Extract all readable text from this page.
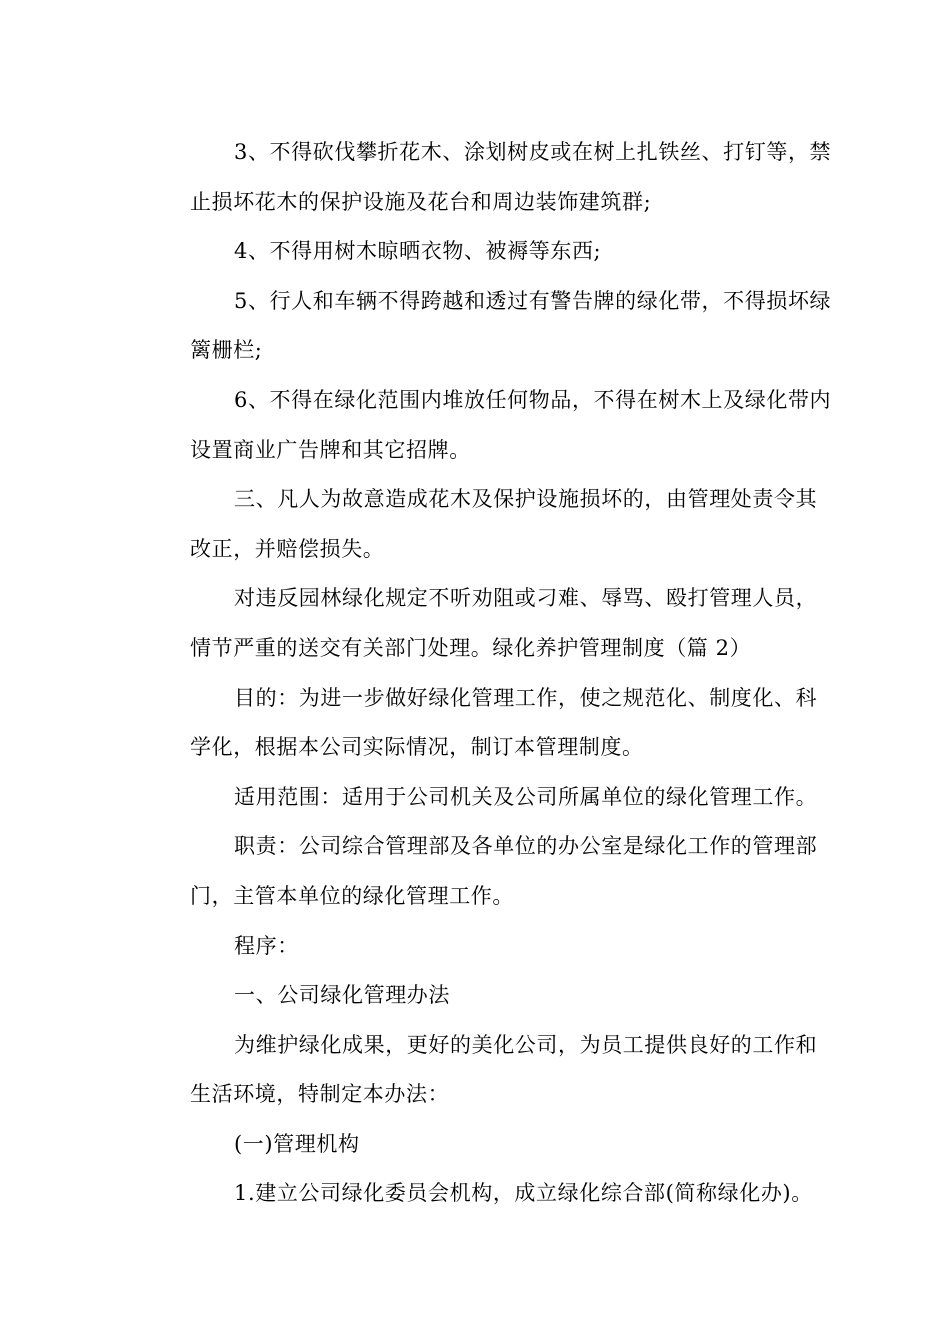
3、不得砍伐攀折花木、涂划树皮或在树上扎铁丝、打钉等，禁
止损坏花木的保护设施及花台和周边装饰建筑群;
4、不得用树木晾晒衣物、被褥等东西;
5、行人和车辆不得跨越和透过有警告牌的绿化带，不得损坏绿
篱栅栏;
6、不得在绿化范围内堆放任何物品，不得在树木上及绿化带内
设置商业广告牌和其它招牌。
三、凡人为故意造成花木及保护设施损坏的，由管理处责令其
改正，并赔偿损失。
对违反园林绿化规定不听劝阻或刁难、辱骂、殴打管理人员，
情节严重的送交有关部门处理。绿化养护管理制度（篇 2）
目的：为进一步做好绿化管理工作，使之规范化、制度化、科
学化，根据本公司实际情况，制订本管理制度。
适用范围：适用于公司机关及公司所属单位的绿化管理工作。
职责：公司综合管理部及各单位的办公室是绿化工作的管理部
门，主管本单位的绿化管理工作。
程序：
一、公司绿化管理办法
为维护绿化成果，更好的美化公司，为员工提供良好的工作和
生活环境，特制定本办法：
(一)管理机构
1.建立公司绿化委员会机构，成立绿化综合部(简称绿化办)。
